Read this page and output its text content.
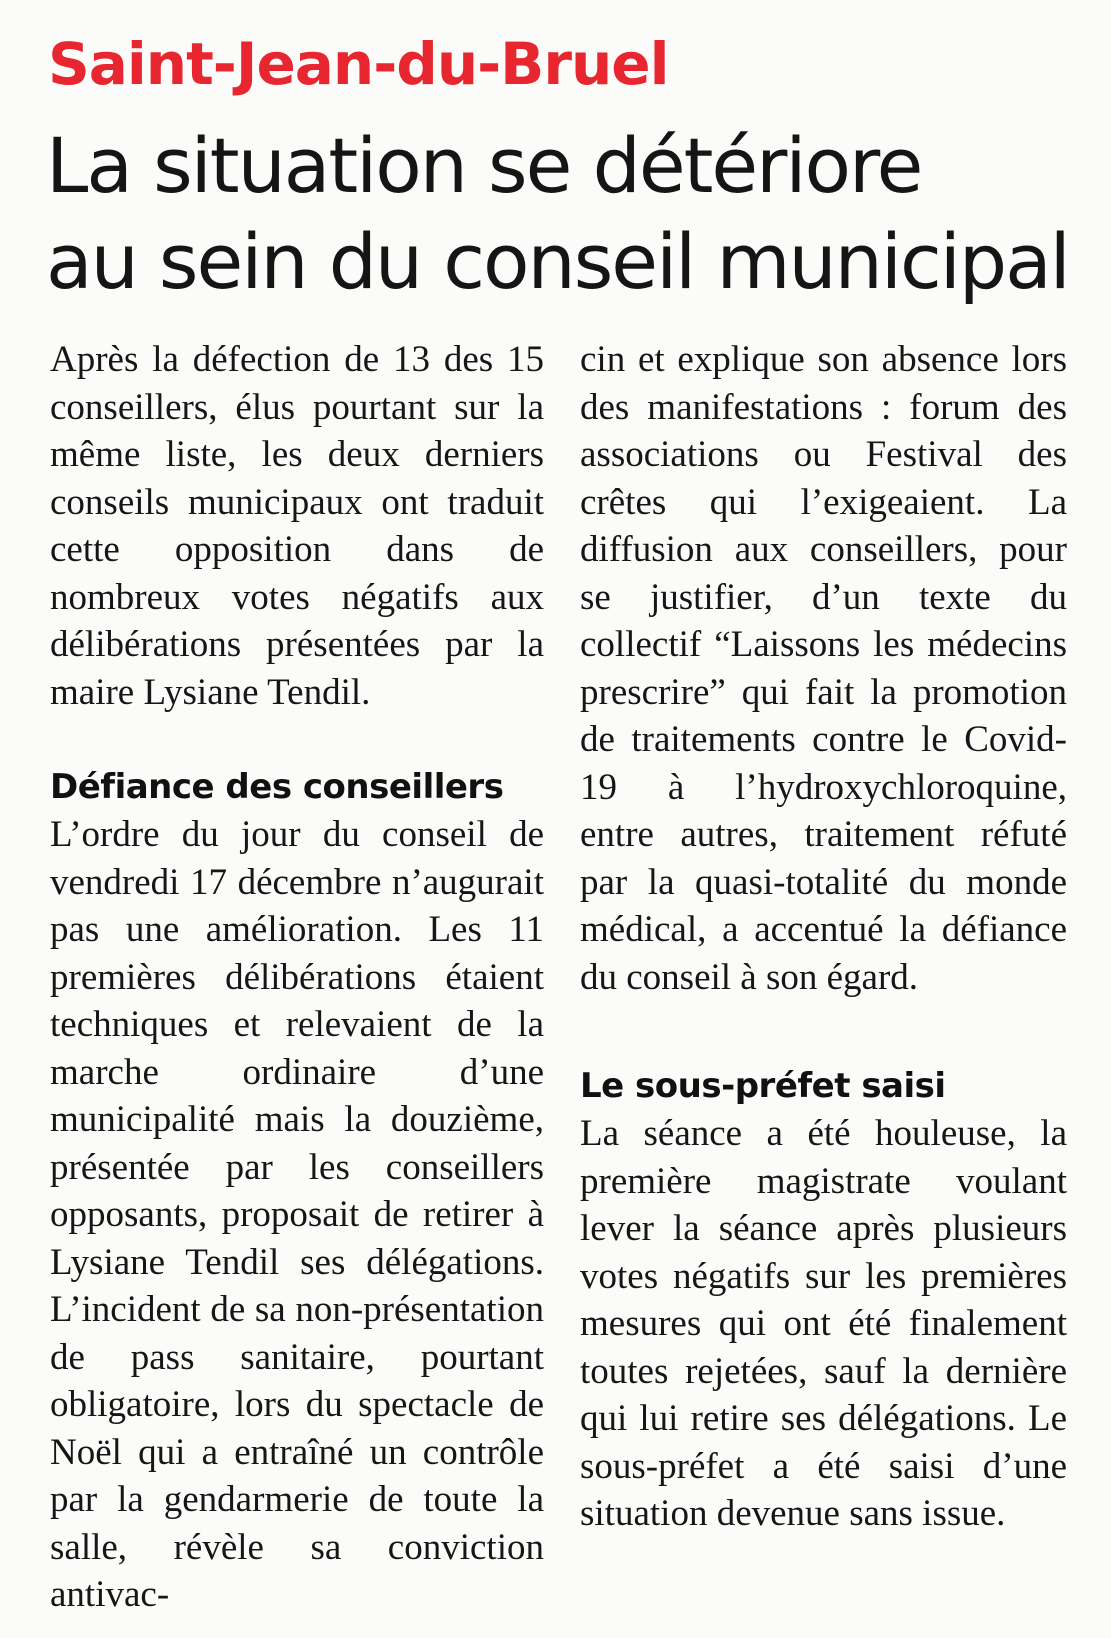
Saint-Jean-du-Bruel
La situation se détériore
au sein du conseil municipal

Après la défection de 13 des 15 conseillers, élus pourtant sur la même liste, les deux derniers conseils municipaux ont traduit cette opposition dans de nombreux votes négatifs aux délibérations présentées par la maire Lysiane Tendil.

Défiance des conseillers

L’ordre du jour du conseil de vendredi 17 décembre n’augurait pas une amélioration. Les 11 premières délibérations étaient techniques et relevaient de la marche ordinaire d’une municipalité mais la douzième, présentée par les conseillers opposants, proposait de retirer à Lysiane Tendil ses délégations. L’incident de sa non-présentation de pass sanitaire, pourtant obligatoire, lors du spectacle de Noël qui a entraîné un contrôle par la gendarmerie de toute la salle, révèle sa conviction antivac-

cin et explique son absence lors des manifestations : forum des associations ou Festival des crêtes qui l’exigeaient. La diffusion aux conseillers, pour se justifier, d’un texte du collectif “Laissons les médecins prescrire” qui fait la promotion de traitements contre le Covid-19 à l’hydroxychloroquine, entre autres, traitement réfuté par la quasi-totalité du monde médical, a accentué la défiance du conseil à son égard.

Le sous-préfet saisi

La séance a été houleuse, la première magistrate voulant lever la séance après plusieurs votes négatifs sur les premières mesures qui ont été finalement toutes rejetées, sauf la dernière qui lui retire ses délégations. Le sous-préfet a été saisi d’une situation devenue sans issue.
